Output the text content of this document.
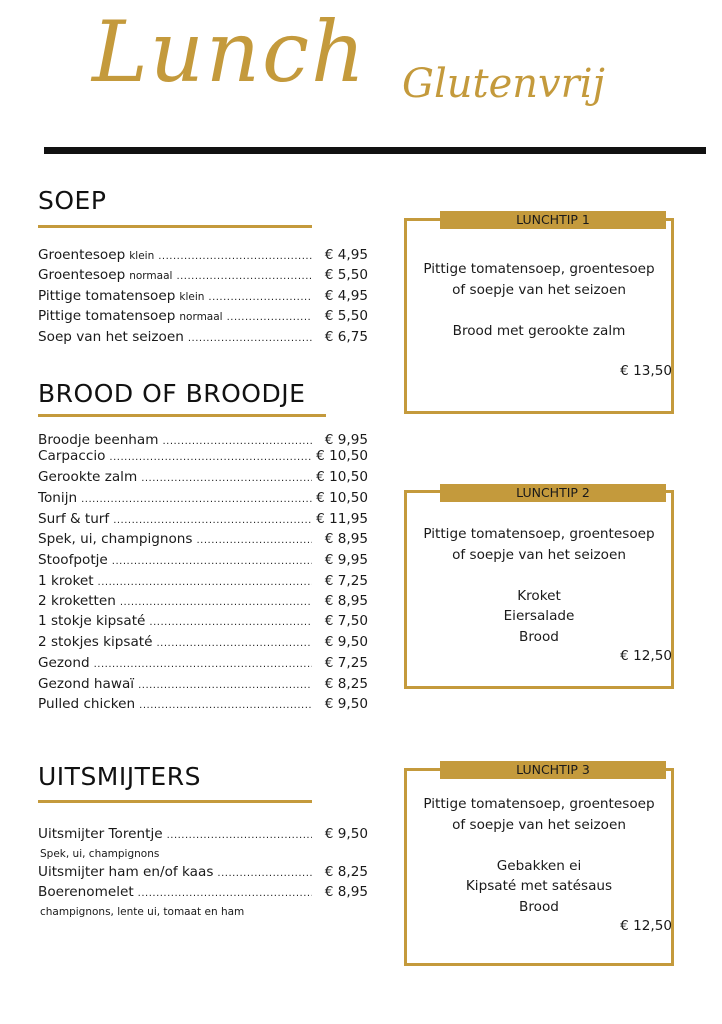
Lunch Glutenvrij
SOEP
Groentesoep klein .....	€ 4,95
Groentesoep normaal .....	€ 5,50
Pittige tomatensoep klein .....	€ 4,95
Pittige tomatensoep normaal .....	€ 5,50
Soep van het seizoen .....	€ 6,75
BROOD OF BROODJE
Broodje beenham .....	€ 9,95
Carpaccio .....	€ 10,50
Gerookte zalm .....	€ 10,50
Tonijn .....	€ 10,50
Surf & turf .....	€ 11,95
Spek, ui, champignons .....	€ 8,95
Stoofpotje .....	€ 9,95
1 kroket .....	€ 7,25
2 kroketten .....	€ 8,95
1 stokje kipsaté .....	€ 7,50
2 stokjes kipsaté .....	€ 9,50
Gezond .....	€ 7,25
Gezond hawaï .....	€ 8,25
Pulled chicken .....	€ 9,50
UITSMIJTERS
Uitsmijter Torentje .....	€ 9,50
Spek, ui, champignons
Uitsmijter ham en/of kaas .....	€ 8,25
Boerenomelet .....	€ 8,95
champignons, lente ui, tomaat en ham
LUNCHTIP 1
Pittige tomatensoep, groentesoep
of soepje van het seizoen
Brood met gerookte zalm
€ 13,50
LUNCHTIP 2
Pittige tomatensoep, groentesoep
of soepje van het seizoen
Kroket
Eiersalade
Brood
€ 12,50
LUNCHTIP 3
Pittige tomatensoep, groentesoep
of soepje van het seizoen
Gebakken ei
Kipsaté met satésaus
Brood
€ 12,50
